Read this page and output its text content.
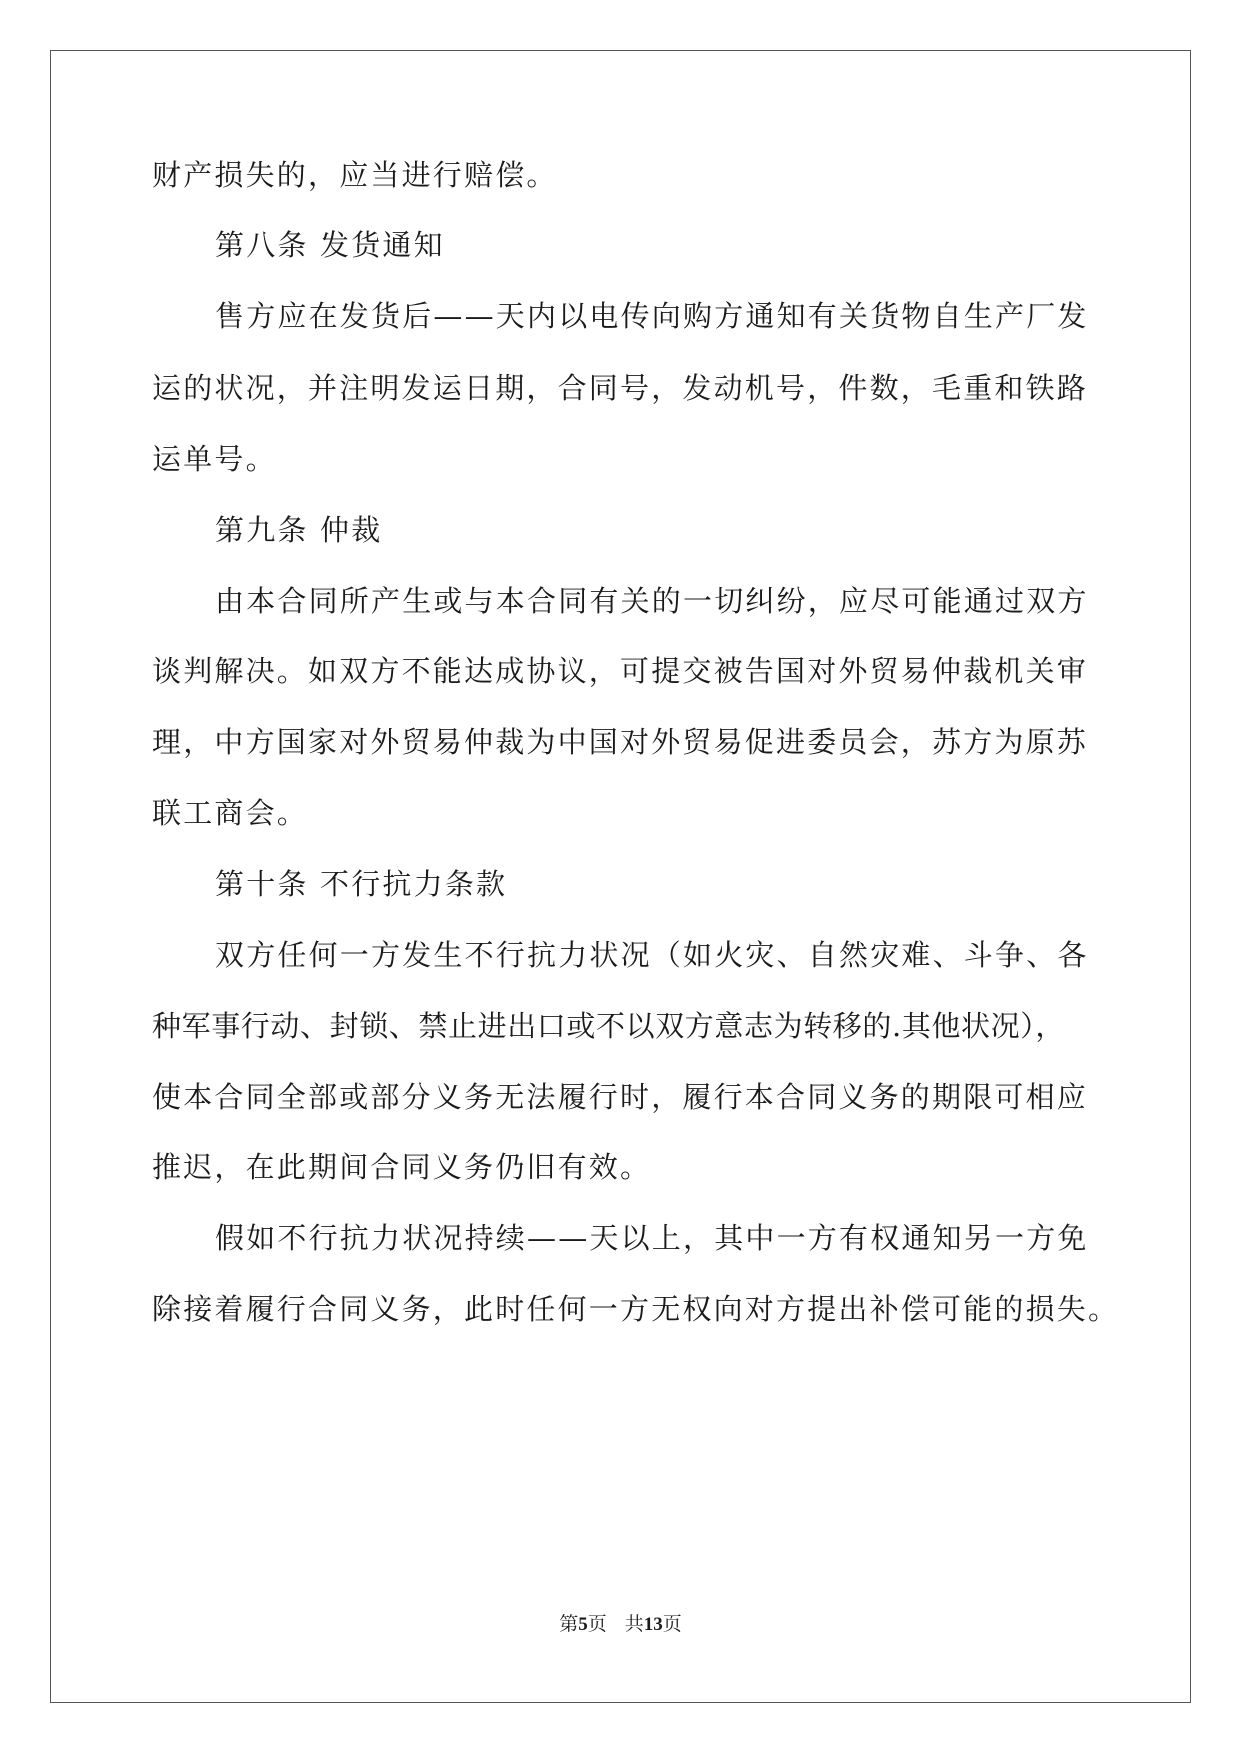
财产损失的，应当进行赔偿。
第八条 发货通知
售方应在发货后——天内以电传向购方通知有关货物自生产厂发
运的状况，并注明发运日期，合同号，发动机号，件数，毛重和铁路
运单号。
第九条 仲裁
由本合同所产生或与本合同有关的一切纠纷，应尽可能通过双方
谈判解决。如双方不能达成协议，可提交被告国对外贸易仲裁机关审
理，中方国家对外贸易仲裁为中国对外贸易促进委员会，苏方为原苏
联工商会。
第十条 不行抗力条款
双方任何一方发生不行抗力状况（如火灾、自然灾难、斗争、各
种军事行动、封锁、禁止进出口或不以双方意志为转移的.其他状况），
使本合同全部或部分义务无法履行时，履行本合同义务的期限可相应
推迟，在此期间合同义务仍旧有效。
假如不行抗力状况持续——天以上，其中一方有权通知另一方免
除接着履行合同义务，此时任何一方无权向对方提出补偿可能的损失。
第5页 共13页
